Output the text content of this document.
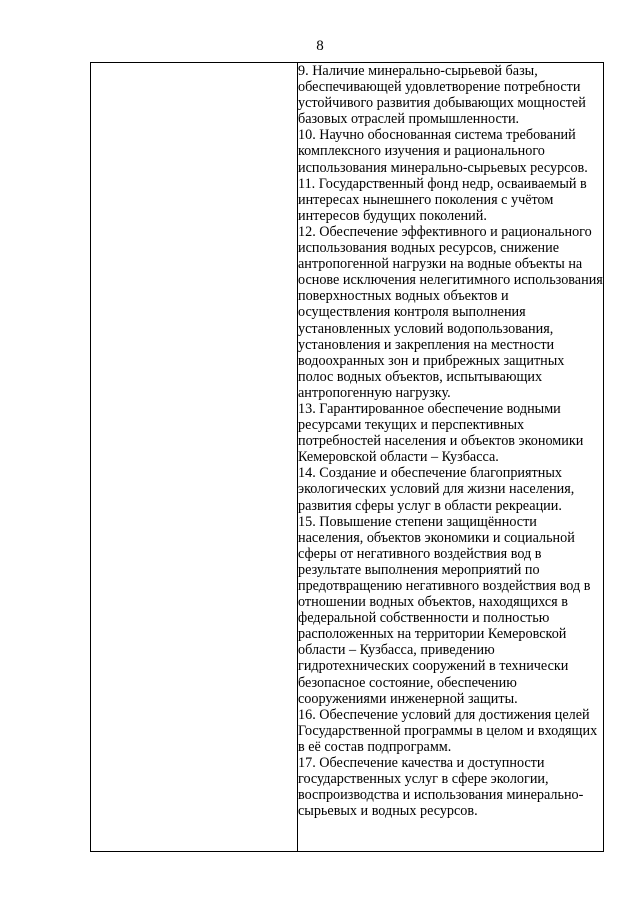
8

9. Наличие минерально-сырьевой базы, обеспечивающей удовлетворение потребности устойчивого развития добывающих мощностей базовых отраслей промышленности.
10. Научно обоснованная система требований комплексного изучения и рационального использования минерально-сырьевых ресурсов.
11. Государственный фонд недр, осваиваемый в интересах нынешнего поколения с учётом интересов будущих поколений.
12. Обеспечение эффективного и рационального использования водных ресурсов, снижение антропогенной нагрузки на водные объекты на основе исключения нелегитимного использования поверхностных водных объектов и осуществления контроля выполнения установленных условий водопользования, установления и закрепления на местности водоохранных зон и прибрежных защитных полос водных объектов, испытывающих антропогенную нагрузку.
13. Гарантированное обеспечение водными ресурсами текущих и перспективных потребностей населения и объектов экономики Кемеровской области – Кузбасса.
14. Создание и обеспечение благоприятных экологических условий для жизни населения, развития сферы услуг в области рекреации.
15. Повышение степени защищённости населения, объектов экономики и социальной сферы от негативного воздействия вод в результате выполнения мероприятий по предотвращению негативного воздействия вод в отношении водных объектов, находящихся в федеральной собственности и полностью расположенных на территории Кемеровской области – Кузбасса, приведению гидротехнических сооружений в технически безопасное состояние, обеспечению сооружениями инженерной защиты.
16. Обеспечение условий для достижения целей Государственной программы в целом и входящих в её состав подпрограмм.
17. Обеспечение качества и доступности государственных услуг в сфере экологии, воспроизводства и использования минерально-сырьевых и водных ресурсов.
